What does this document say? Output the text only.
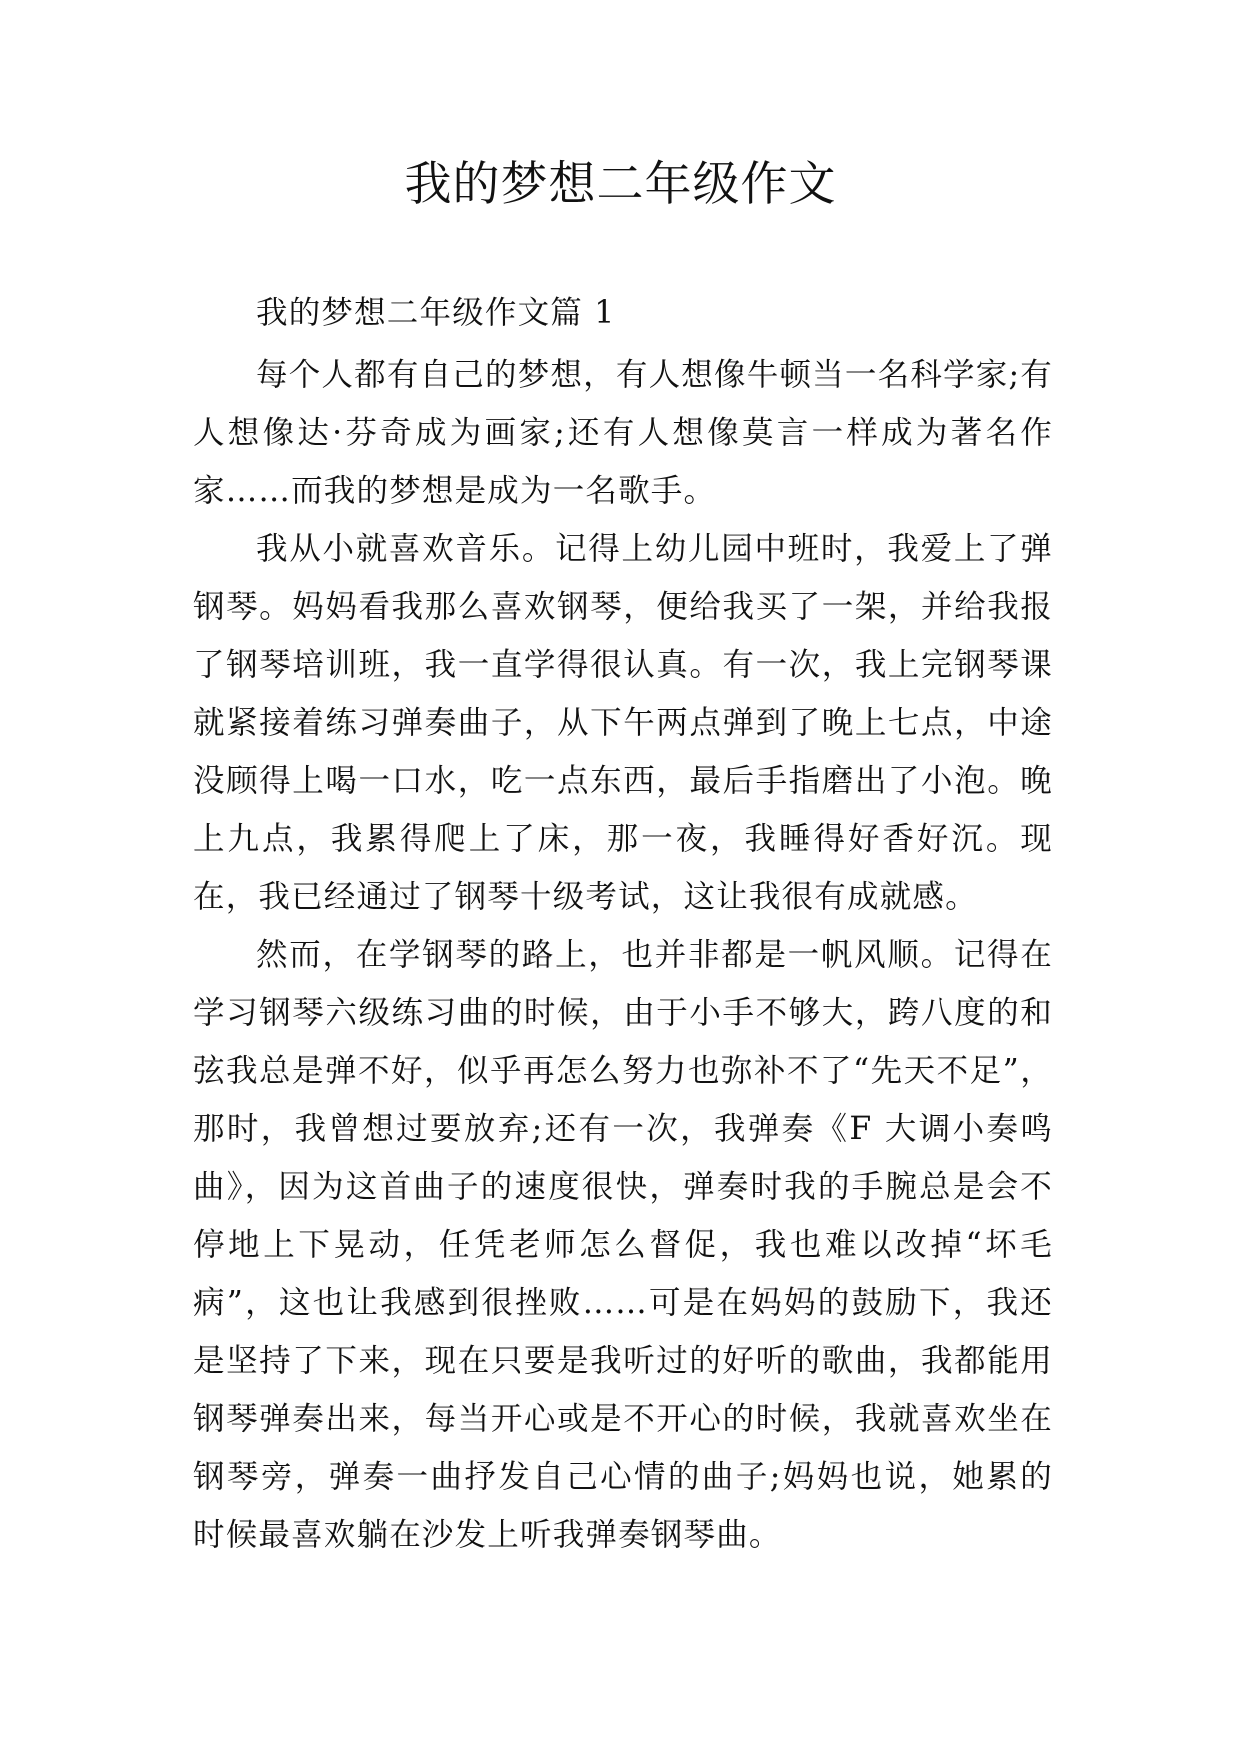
我的梦想二年级作文

我的梦想二年级作文篇 1

每个人都有自己的梦想，有人想像牛顿当一名科学家;有人想像达·芬奇成为画家;还有人想像莫言一样成为著名作家……而我的梦想是成为一名歌手。

我从小就喜欢音乐。记得上幼儿园中班时，我爱上了弹钢琴。妈妈看我那么喜欢钢琴，便给我买了一架，并给我报了钢琴培训班，我一直学得很认真。有一次，我上完钢琴课就紧接着练习弹奏曲子，从下午两点弹到了晚上七点，中途没顾得上喝一口水，吃一点东西，最后手指磨出了小泡。晚上九点，我累得爬上了床，那一夜，我睡得好香好沉。现在，我已经通过了钢琴十级考试，这让我很有成就感。

然而，在学钢琴的路上，也并非都是一帆风顺。记得在学习钢琴六级练习曲的时候，由于小手不够大，跨八度的和弦我总是弹不好，似乎再怎么努力也弥补不了“先天不足”，那时，我曾想过要放弃;还有一次，我弹奏《F 大调小奏鸣曲》，因为这首曲子的速度很快，弹奏时我的手腕总是会不停地上下晃动，任凭老师怎么督促，我也难以改掉“坏毛病”，这也让我感到很挫败……可是在妈妈的鼓励下，我还是坚持了下来，现在只要是我听过的好听的歌曲，我都能用钢琴弹奏出来，每当开心或是不开心的时候，我就喜欢坐在钢琴旁，弹奏一曲抒发自己心情的曲子;妈妈也说，她累的时候最喜欢躺在沙发上听我弹奏钢琴曲。
